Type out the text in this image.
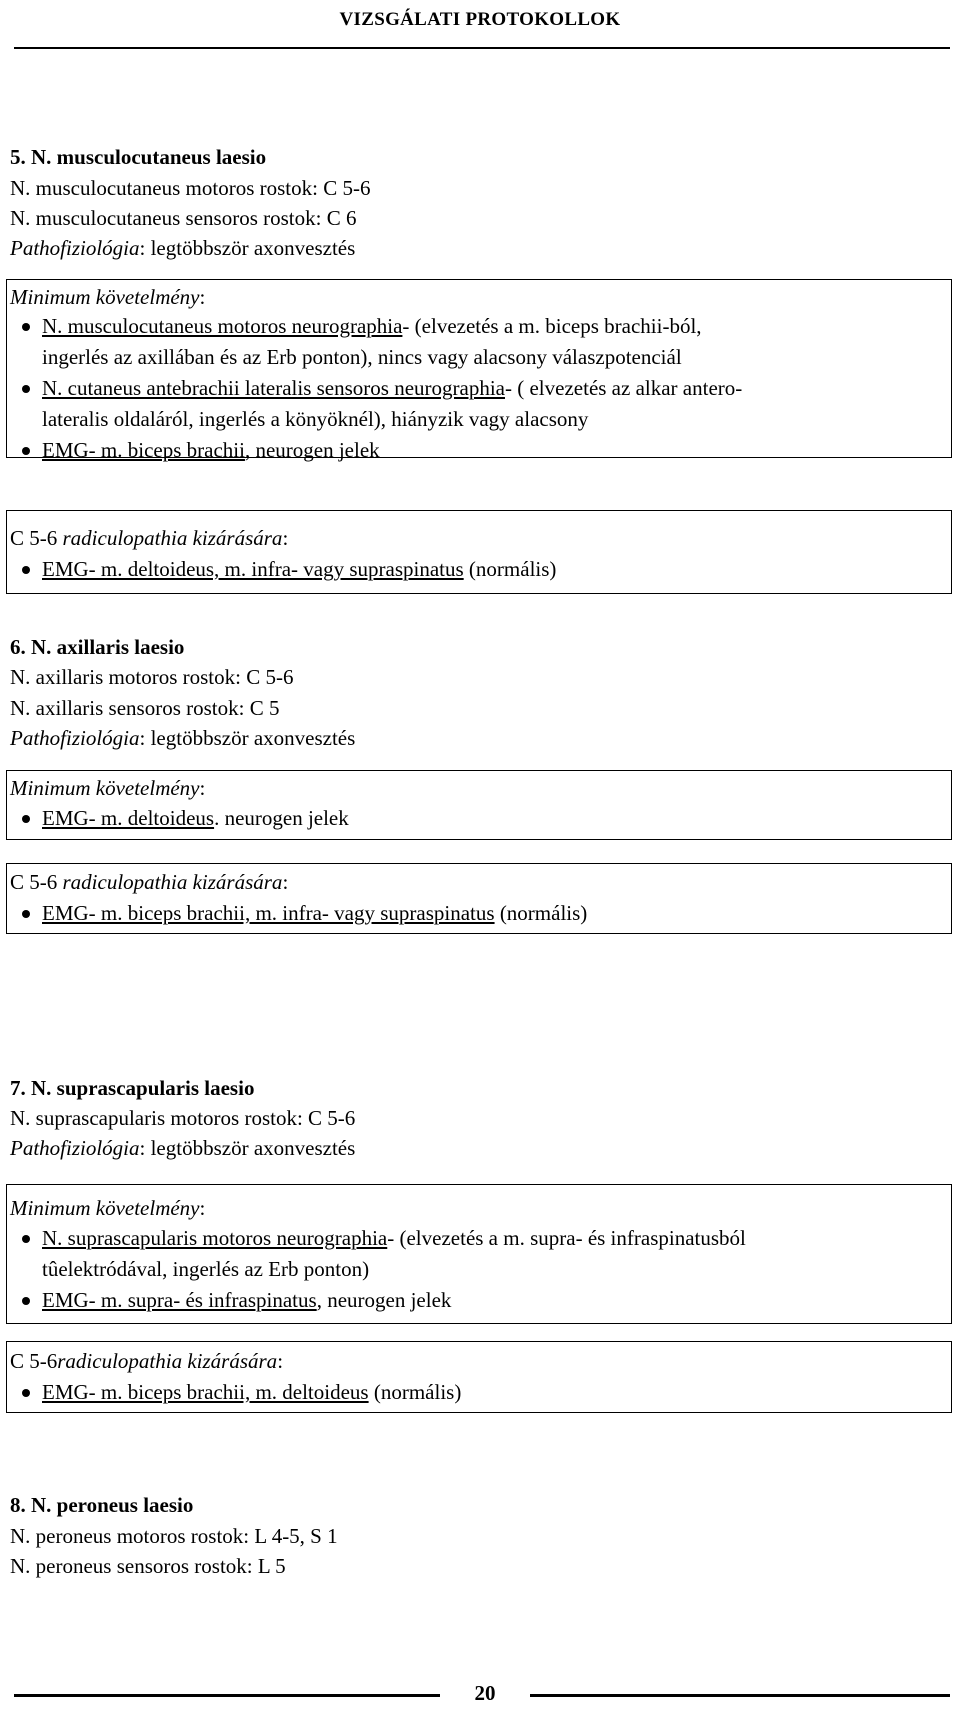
VIZSGÁLATI PROTOKOLLOK
5. N. musculocutaneus laesio
N. musculocutaneus motoros rostok: C 5-6
N. musculocutaneus sensoros rostok: C 6
Pathofiziológia: legtöbbször axonvesztés
Minimum követelmény:
N. musculocutaneus motoros neurographia- (elvezetés a m. biceps brachii-ból,
ingerlés az axillában és az Erb ponton), nincs vagy alacsony válaszpotenciál
N. cutaneus antebrachii lateralis sensoros neurographia- ( elvezetés az alkar antero-
lateralis oldaláról, ingerlés a könyöknél), hiányzik vagy alacsony
EMG- m. biceps brachii, neurogen jelek
C 5-6 radiculopathia kizárására:
EMG- m. deltoideus, m. infra- vagy supraspinatus (normális)
6. N. axillaris laesio
N. axillaris motoros rostok: C 5-6
N. axillaris sensoros rostok: C 5
Pathofiziológia: legtöbbször axonvesztés
Minimum követelmény:
EMG- m. deltoideus. neurogen jelek
C 5-6 radiculopathia kizárására:
EMG- m. biceps brachii, m. infra- vagy supraspinatus (normális)
7. N. suprascapularis laesio
N. suprascapularis motoros rostok: C 5-6
Pathofiziológia: legtöbbször axonvesztés
Minimum követelmény:
N. suprascapularis motoros neurographia- (elvezetés a m. supra- és infraspinatusból
tûelektródával, ingerlés az Erb ponton)
EMG- m. supra- és infraspinatus, neurogen jelek
C 5-6radiculopathia kizárására:
EMG- m. biceps brachii, m. deltoideus (normális)
8. N. peroneus laesio
N. peroneus motoros rostok: L 4-5, S 1
N. peroneus sensoros rostok: L 5
20
